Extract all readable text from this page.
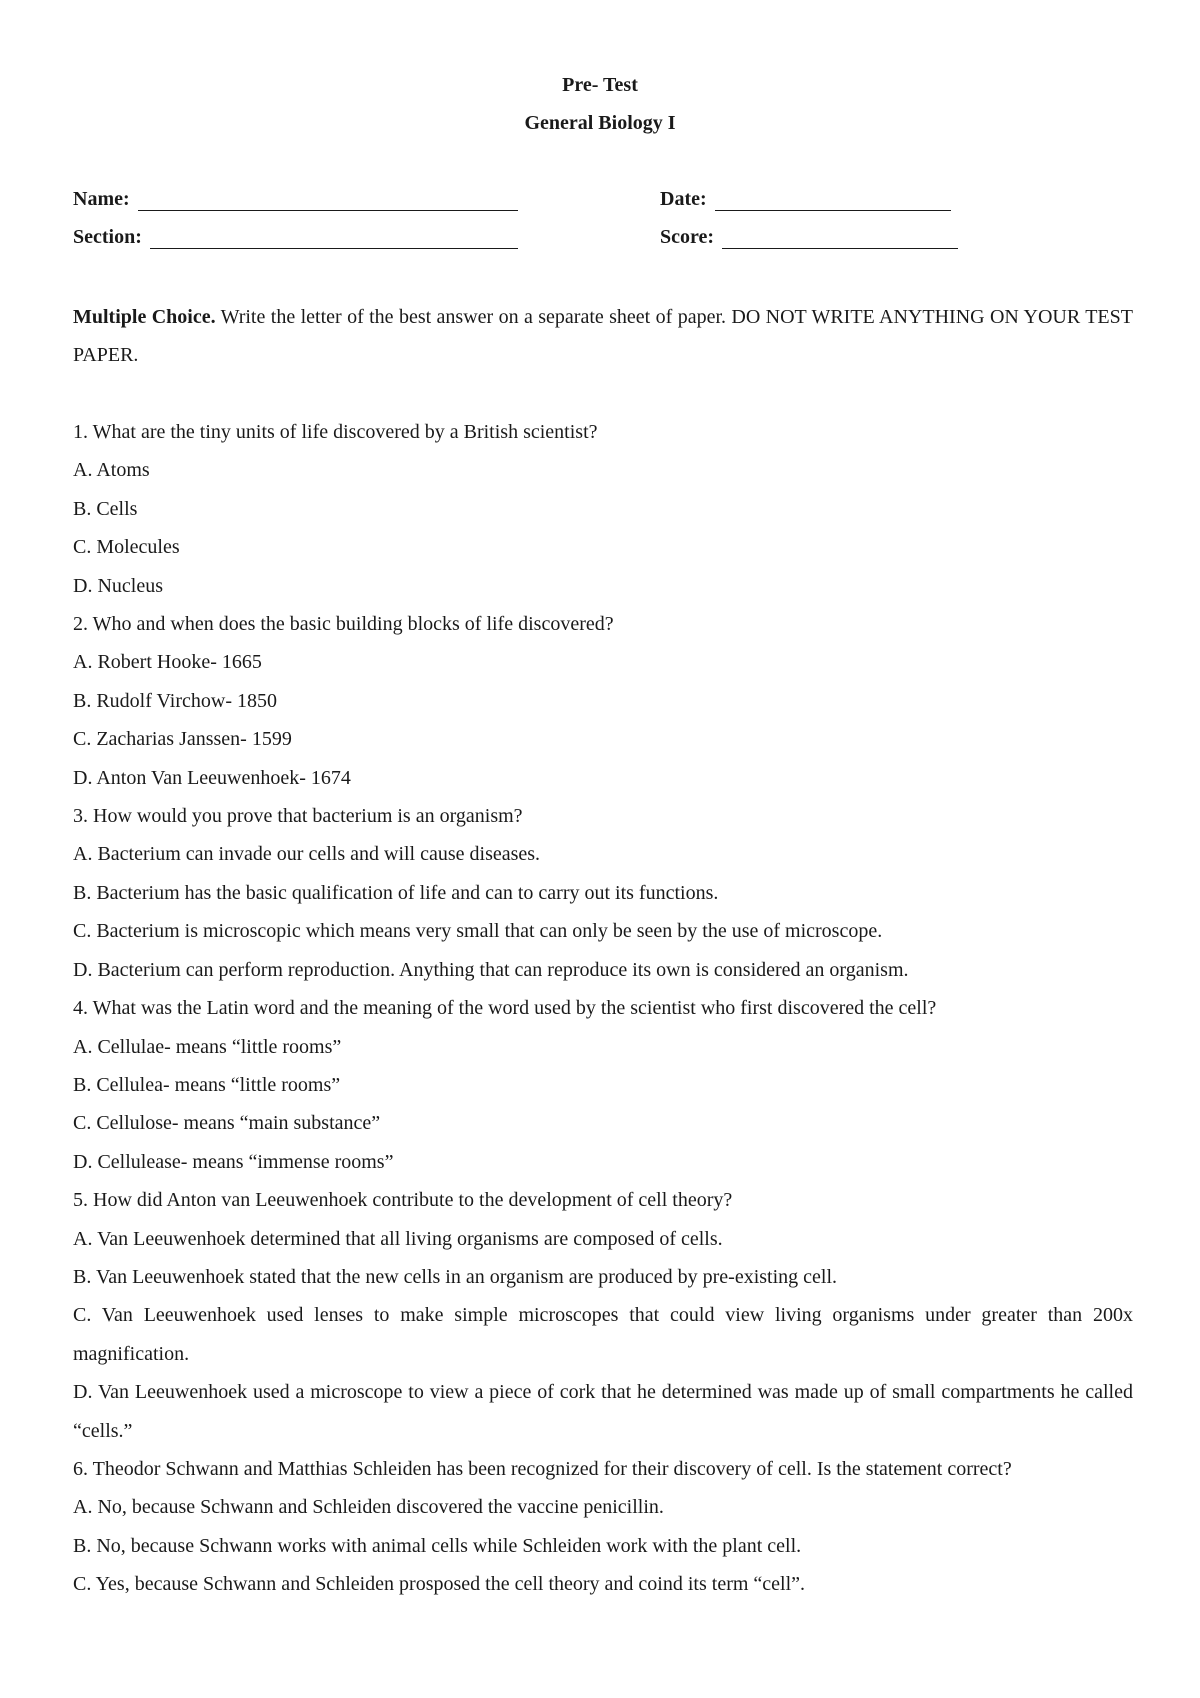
Pre- Test
General Biology I
Name:	Date:
Section:	Score:
Multiple Choice. Write the letter of the best answer on a separate sheet of paper. DO NOT WRITE ANYTHING ON YOUR TEST PAPER.
1. What are the tiny units of life discovered by a British scientist?
A. Atoms
B. Cells
C. Molecules
D. Nucleus
2. Who and when does the basic building blocks of life discovered?
A. Robert Hooke- 1665
B. Rudolf Virchow- 1850
C. Zacharias Janssen- 1599
D. Anton Van Leeuwenhoek- 1674
3. How would you prove that bacterium is an organism?
A. Bacterium can invade our cells and will cause diseases.
B. Bacterium has the basic qualification of life and can to carry out its functions.
C. Bacterium is microscopic which means very small that can only be seen by the use of microscope.
D. Bacterium can perform reproduction. Anything that can reproduce its own is considered an organism.
4. What was the Latin word and the meaning of the word used by the scientist who first discovered the cell?
A. Cellulae- means “little rooms”
B. Cellulea- means “little rooms”
C. Cellulose- means “main substance”
D. Cellulease- means “immense rooms”
5. How did Anton van Leeuwenhoek contribute to the development of cell theory?
A. Van Leeuwenhoek determined that all living organisms are composed of cells.
B. Van Leeuwenhoek stated that the new cells in an organism are produced by pre-existing cell.
C. Van Leeuwenhoek used lenses to make simple microscopes that could view living organisms under greater than 200x magnification.
D. Van Leeuwenhoek used a microscope to view a piece of cork that he determined was made up of small compartments he called “cells.”
6. Theodor Schwann and Matthias Schleiden has been recognized for their discovery of cell. Is the statement correct?
A. No, because Schwann and Schleiden discovered the vaccine penicillin.
B. No, because Schwann works with animal cells while Schleiden work with the plant cell.
C. Yes, because Schwann and Schleiden prosposed the cell theory and coind its term “cell”.
